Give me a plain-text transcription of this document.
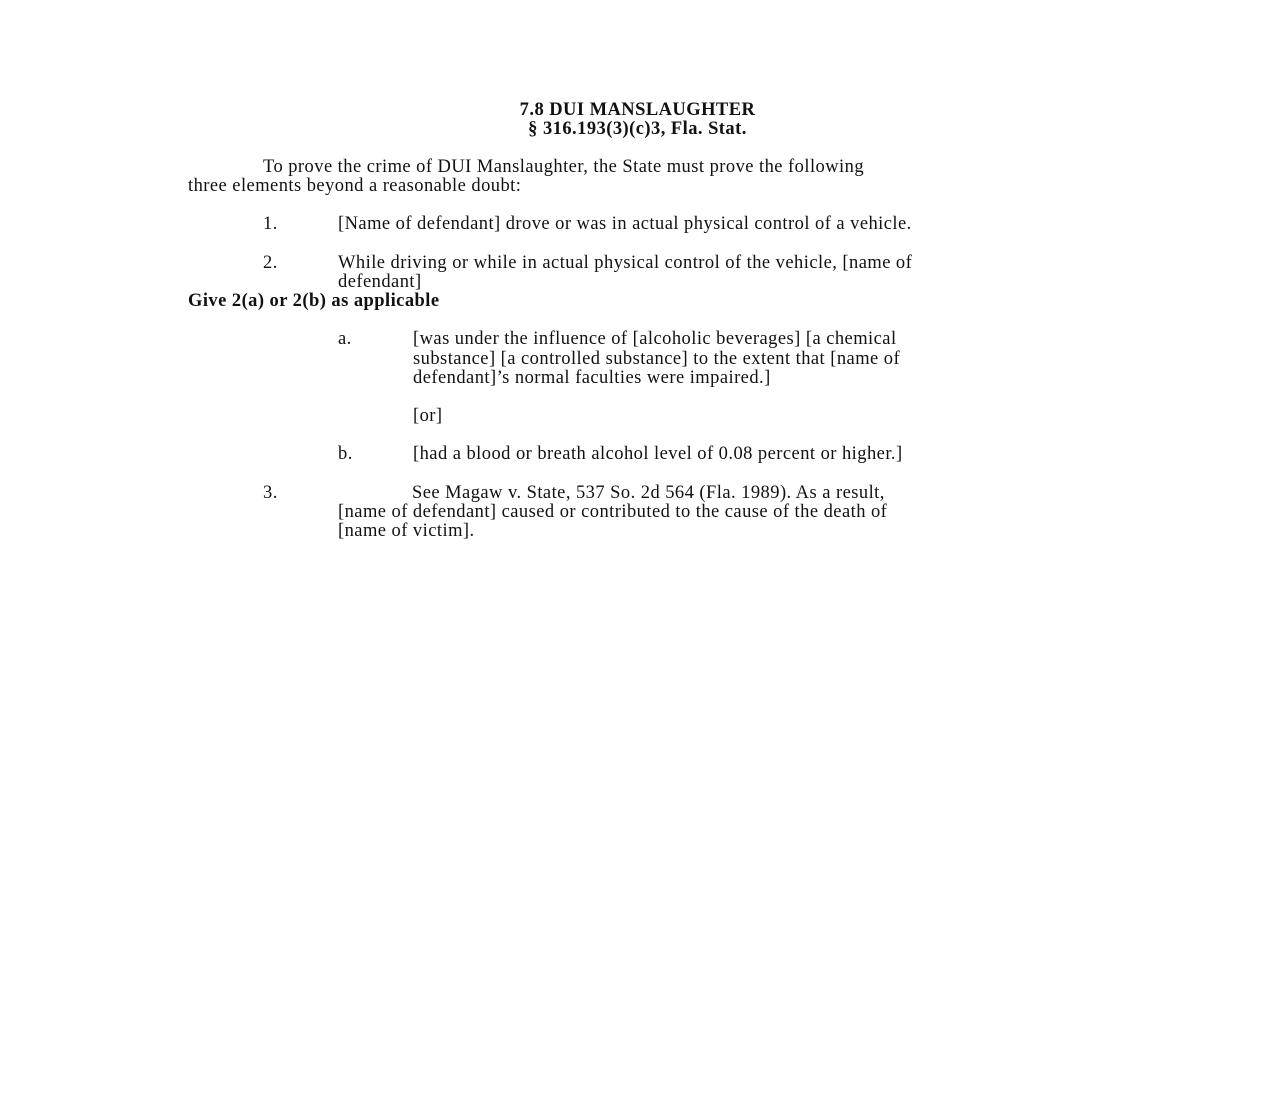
7.8 DUI MANSLAUGHTER
§ 316.193(3)(c)3, Fla. Stat.
To prove the crime of DUI Manslaughter, the State must prove the following
three elements beyond a reasonable doubt:
1.	[Name of defendant] drove or was in actual physical control of a vehicle.
2.	While driving or while in actual physical control of the vehicle, [name of
defendant]
Give 2(a) or 2(b) as applicable
a.	[was under the influence of [alcoholic beverages] [a chemical
substance] [a controlled substance] to the extent that [name of
defendant]’s normal faculties were impaired.]
[or]
b.	[had a blood or breath alcohol level of 0.08 percent or higher.]
3.	See Magaw v. State, 537 So. 2d 564 (Fla. 1989). As a result,
[name of defendant] caused or contributed to the cause of the death of
[name of victim].
